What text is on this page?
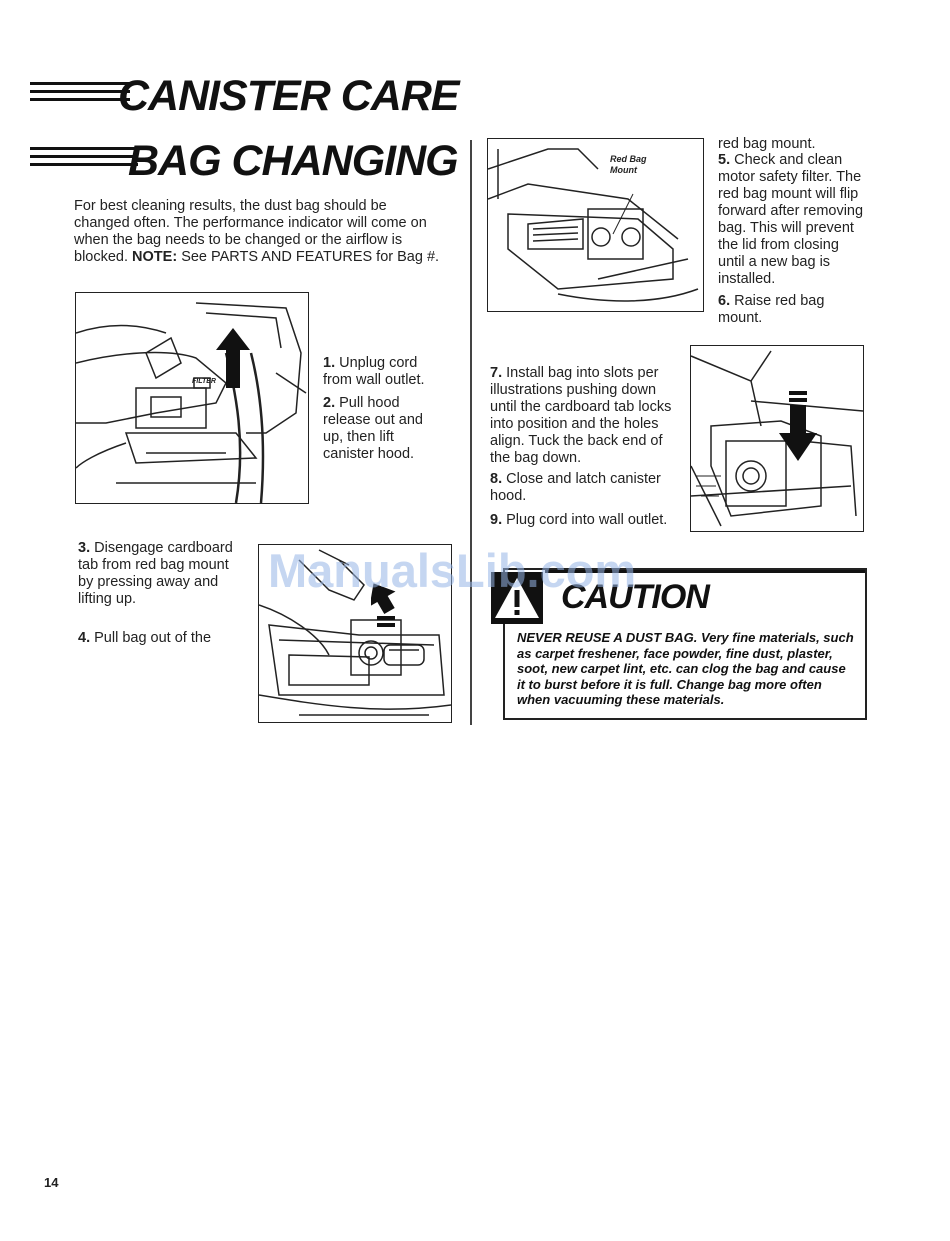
CANISTER CARE
BAG CHANGING
For best cleaning results, the dust bag should be changed often. The performance indicator will come on when the bag needs to be changed or the airflow is blocked. NOTE: See PARTS AND FEATURES for Bag #.
FILTER
1. Unplug cord from wall outlet.
2. Pull hood release out and up, then lift canister hood.
3. Disengage cardboard tab from red bag mount by pressing away and lifting up.
4. Pull bag out of the
Red Bag Mount
red bag mount.
5. Check and clean motor safety filter. The red bag mount will flip forward after removing bag. This will prevent the lid from closing until a new bag is installed.
6. Raise red bag mount.
7. Install bag into slots per illustrations pushing down until the cardboard tab locks into position and the holes align. Tuck the back end of the bag down.
8. Close and latch canister hood.
9. Plug cord into wall outlet.
CAUTION
NEVER REUSE A DUST BAG. Very fine materials, such as carpet freshener, face powder, fine dust, plaster, soot, new carpet lint, etc. can clog the bag and cause it to burst before it is full. Change bag more often when vacuuming these materials.
ManualsLib.com
14
